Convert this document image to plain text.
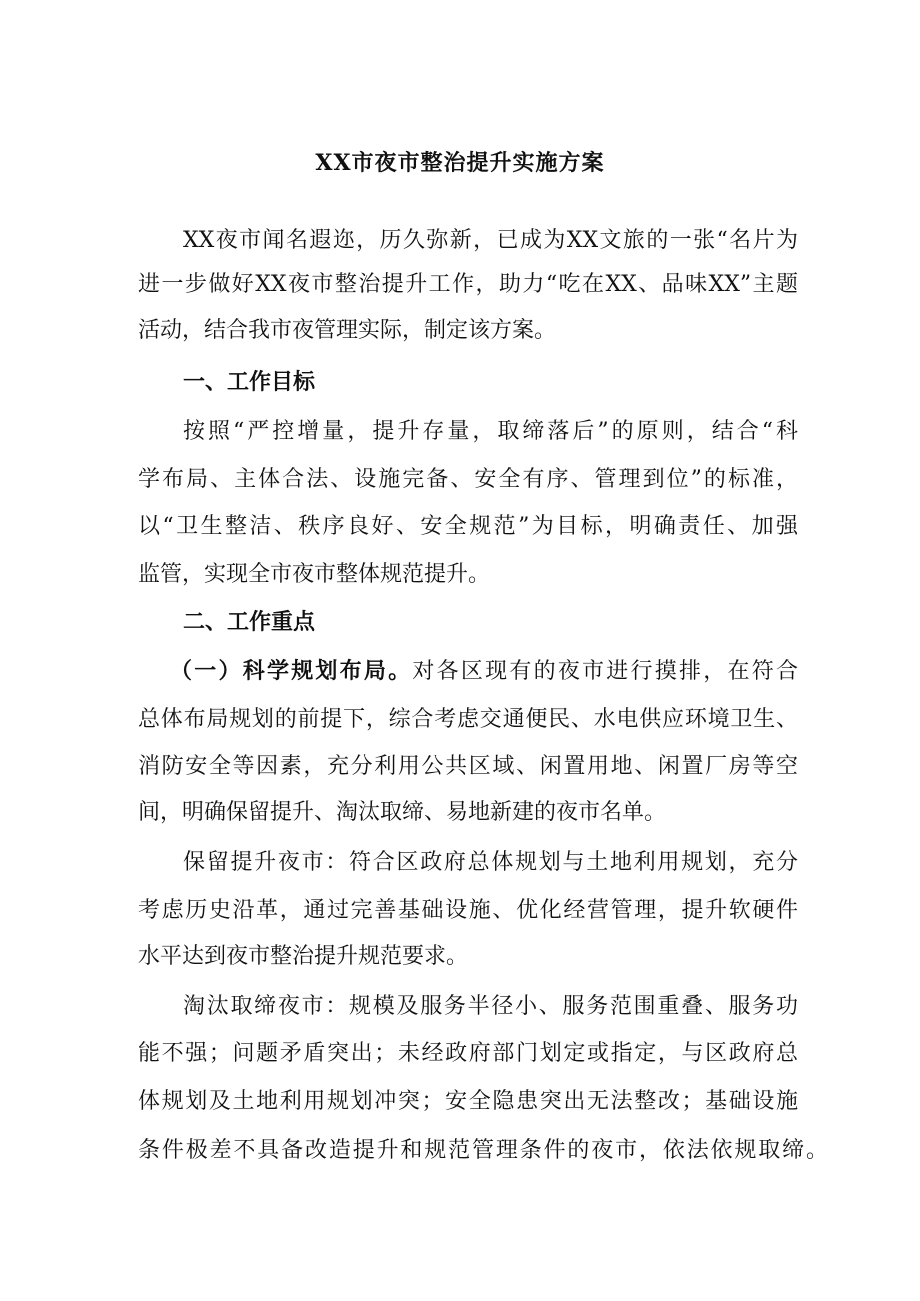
XX市夜市整治提升实施方案
XX夜市闻名遐迩，历久弥新，已成为XX文旅的一张“名片为
进一步做好XX夜市整治提升工作，助力“吃在XX、品味XX”主题
活动，结合我市夜管理实际，制定该方案。
一、工作目标
按照“严控增量，提升存量，取缔落后”的原则，结合“科
学布局、主体合法、设施完备、安全有序、管理到位”的标准，
以“卫生整洁、秩序良好、安全规范”为目标，明确责任、加强
监管，实现全市夜市整体规范提升。
二、工作重点
（一）科学规划布局。对各区现有的夜市进行摸排，在符合
总体布局规划的前提下，综合考虑交通便民、水电供应环境卫生、
消防安全等因素，充分利用公共区域、闲置用地、闲置厂房等空
间，明确保留提升、淘汰取缔、易地新建的夜市名单。
保留提升夜市：符合区政府总体规划与土地利用规划，充分
考虑历史沿革，通过完善基础设施、优化经营管理，提升软硬件
水平达到夜市整治提升规范要求。
淘汰取缔夜市：规模及服务半径小、服务范围重叠、服务功
能不强；问题矛盾突出；未经政府部门划定或指定，与区政府总
体规划及土地利用规划冲突；安全隐患突出无法整改；基础设施
条件极差不具备改造提升和规范管理条件的夜市，依法依规取缔。
